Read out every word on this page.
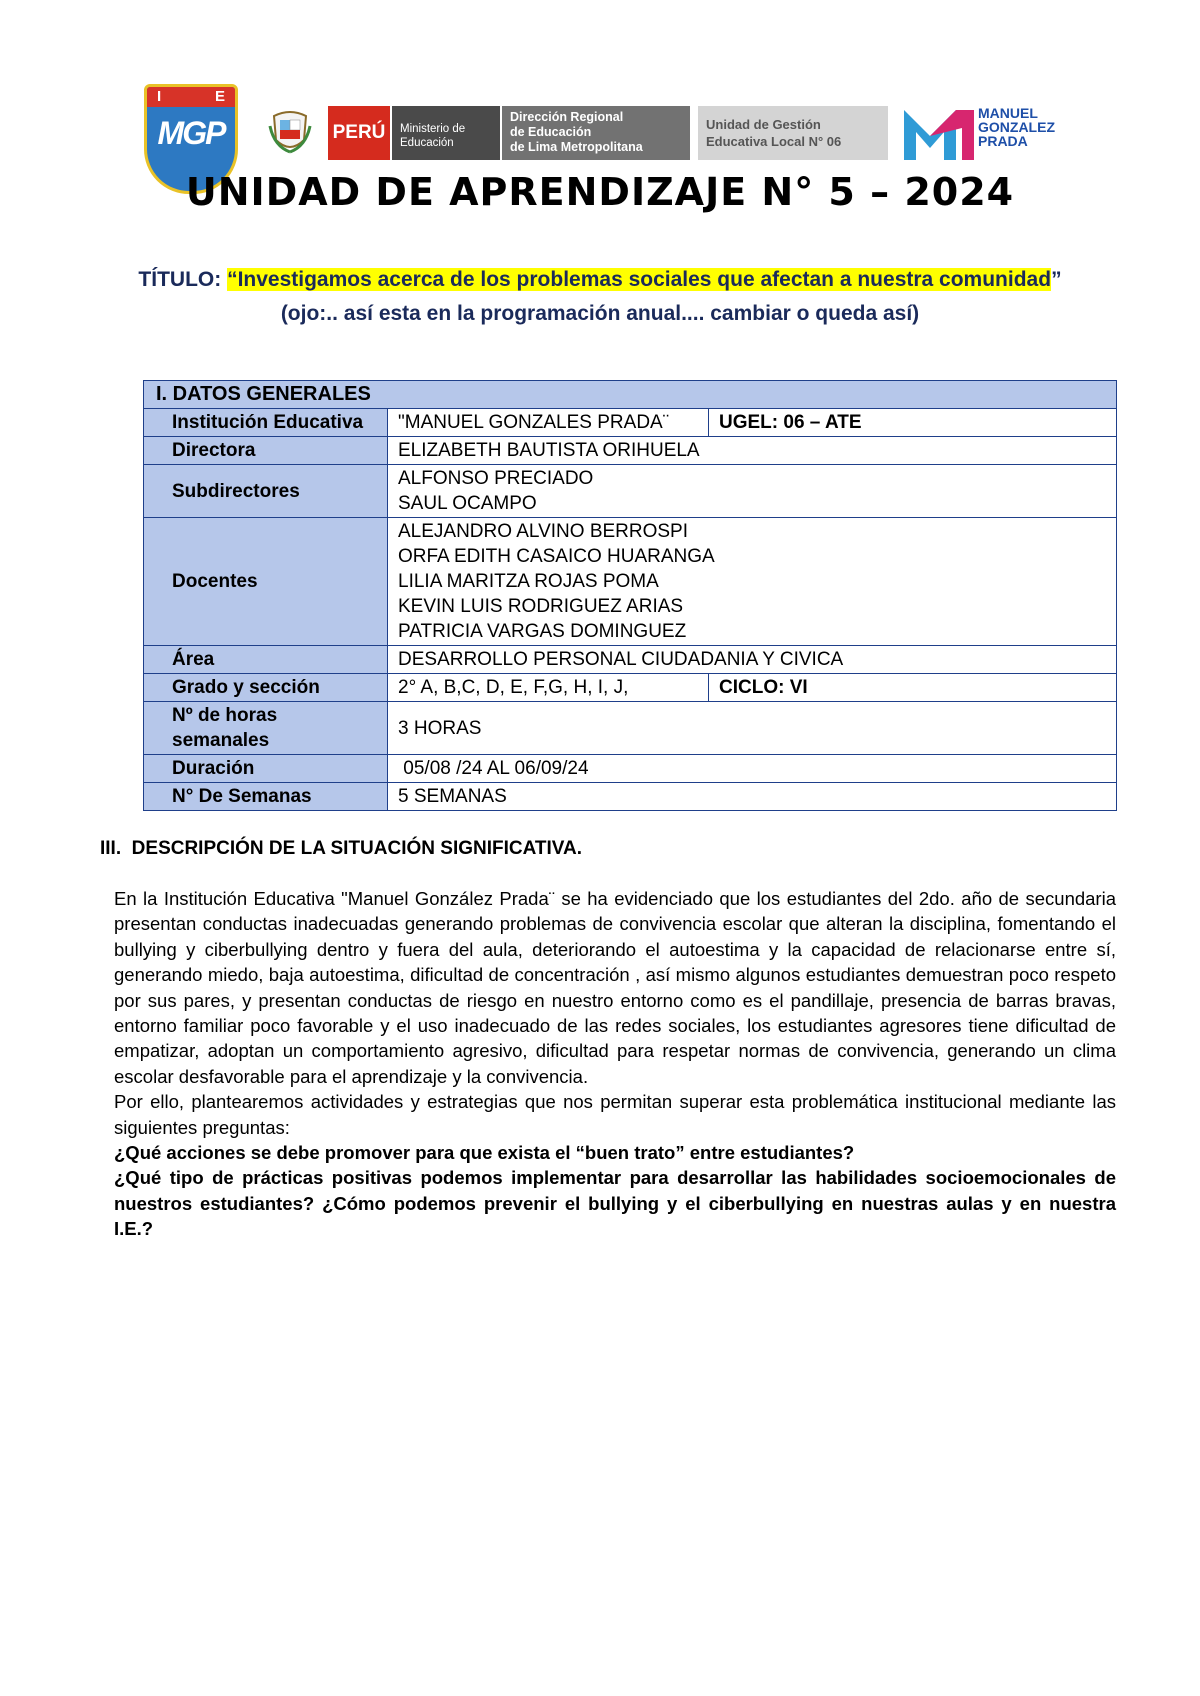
I	E
MGP	PERÚ	Ministerio de Educación
Dirección Regional
de Educación
de Lima Metropolitana
Unidad de Gestión
Educativa Local N° 06
MANUEL
GONZALEZ
PRADA
UNIDAD DE APRENDIZAJE N° 5 – 2024
TÍTULO: “Investigamos acerca de los problemas sociales que afectan a nuestra comunidad”
(ojo:.. así esta en la programación anual.... cambiar o queda así)
I. DATOS GENERALES		
Institución Educativa	"MANUEL GONZALES PRADA¨	UGEL: 06 – ATE
Directora	ELIZABETH BAUTISTA ORIHUELA	
Subdirectores	ALFONSO PRECIADO
SAUL OCAMPO	

Docentes	ALEJANDRO ALVINO BERROSPI
ORFA EDITH CASAICO HUARANGA
LILIA MARITZA ROJAS POMA
KEVIN LUIS RODRIGUEZ ARIAS
PATRICIA VARGAS DOMINGUEZ	

Área	DESARROLLO PERSONAL CIUDADANIA Y CIVICA	
Grado y sección	2° A, B,C, D, E, F,G, H, I, J,	CICLO: VI
Nº de horas semanales	3 HORAS	
Duración	05/08 /24 AL 06/09/24	
N° De Semanas	5 SEMANAS	
III.  DESCRIPCIÓN DE LA SITUACIÓN SIGNIFICATIVA.

En la Institución Educativa "Manuel González Prada¨ se ha evidenciado que los estudiantes del 2do. año de secundaria presentan conductas inadecuadas generando problemas de convivencia escolar que alteran la disciplina, fomentando el bullying y ciberbullying dentro y fuera del aula, deteriorando el autoestima y la capacidad de relacionarse entre sí, generando miedo, baja autoestima, dificultad de concentración , así mismo algunos estudiantes demuestran poco respeto por sus pares, y presentan conductas de riesgo en nuestro entorno como es el pandillaje, presencia de barras bravas, entorno familiar poco favorable y el uso inadecuado de las redes sociales, los estudiantes agresores tiene dificultad de empatizar, adoptan un comportamiento agresivo, dificultad para respetar normas de convivencia, generando un clima escolar desfavorable para el aprendizaje y la convivencia.

Por ello, plantearemos actividades y estrategias que nos permitan superar esta problemática institucional mediante las siguientes preguntas:

¿Qué acciones se debe promover para que exista el “buen trato” entre estudiantes?

¿Qué tipo de prácticas positivas podemos implementar para desarrollar las habilidades socioemocionales de nuestros estudiantes? ¿Cómo podemos prevenir el bullying y el ciberbullying en nuestras aulas y en nuestra I.E.?
